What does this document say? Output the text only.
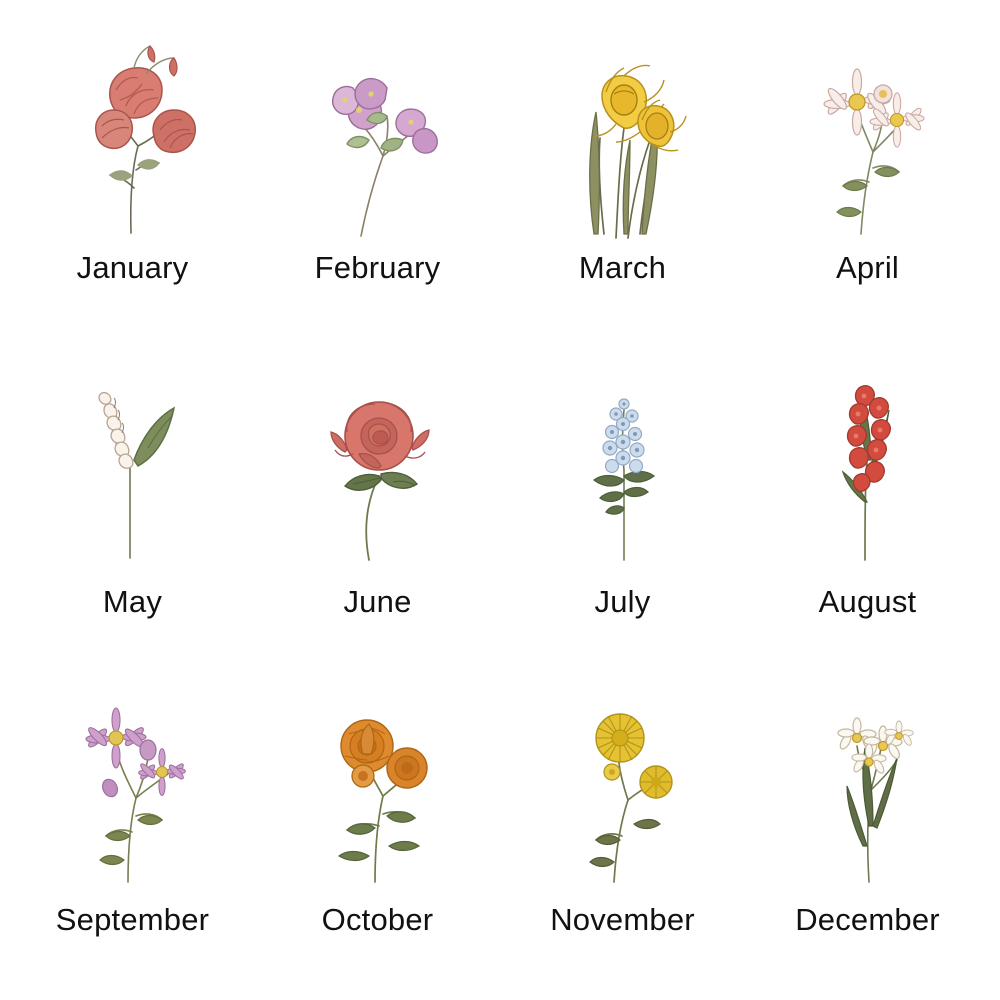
January	February	March	April
May	June	July	August
September	October	November	December
